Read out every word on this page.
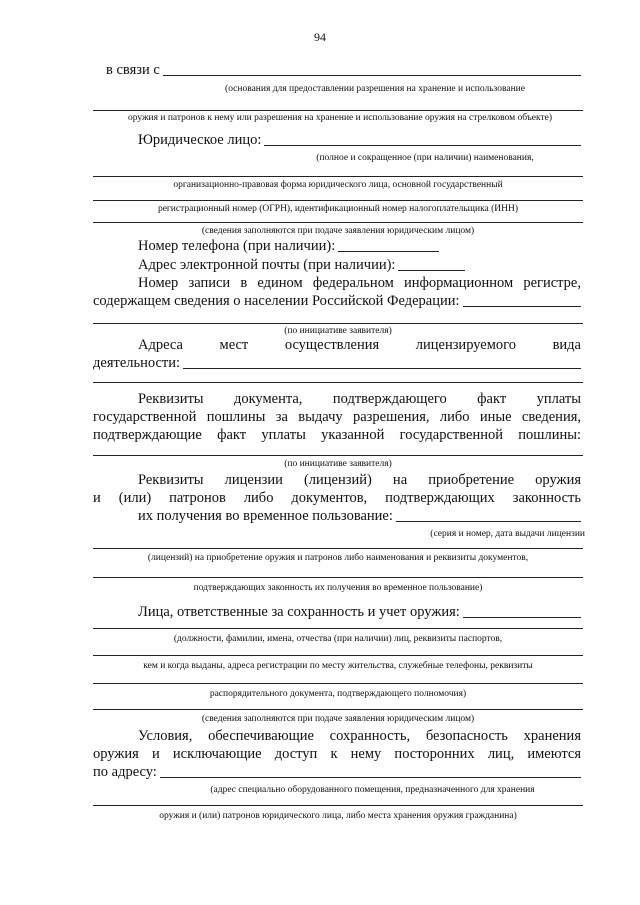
94
в связи с
(основания для предоставлении разрешения на хранение и использование
оружия и патронов к нему или разрешения на хранение и использование оружия на стрелковом объекте)
Юридическое лицо:
(полное и сокращенное (при наличии) наименования,
организационно-правовая форма юридического лица, основной государственный
регистрационный номер (ОГРН), идентификационный номер налогоплательщика (ИНН)
(сведения заполняются при подаче заявления юридическим лицом)
Номер телефона (при наличии):
Адрес электронной почты (при наличии):
Номер записи в едином федеральном информационном регистре,
содержащем сведения о населении Российской Федерации:
(по инициативе заявителя)
Адреса	мест	осуществления	лицензируемого	вида
деятельности:
Реквизиты документа, подтверждающего факт уплаты
государственной пошлины за выдачу разрешения, либо иные сведения,
подтверждающие факт уплаты указанной государственной пошлины:
(по инициативе заявителя)
Реквизиты лицензии (лицензий) на приобретение оружия
и (или) патронов либо документов, подтверждающих законность
их получения во временное пользование:
(серия и номер, дата выдачи лицензии
(лицензий) на приобретение оружия и патронов либо наименования и реквизиты документов,
подтверждающих законность их получения во временное пользование)
Лица, ответственные за сохранность и учет оружия:
(должности, фамилии, имена, отчества (при наличии) лиц, реквизиты паспортов,
кем и когда выданы, адреса регистрации по месту жительства, служебные телефоны, реквизиты
распорядительного документа, подтверждающего полномочия)
(сведения заполняются при подаче заявления юридическим лицом)
Условия, обеспечивающие сохранность, безопасность хранения
оружия и исключающие доступ к нему посторонних лиц, имеются
по адресу:
(адрес специально оборудованного помещения, предназначенного для хранения
оружия и (или) патронов юридического лица, либо места хранения оружия гражданина)
